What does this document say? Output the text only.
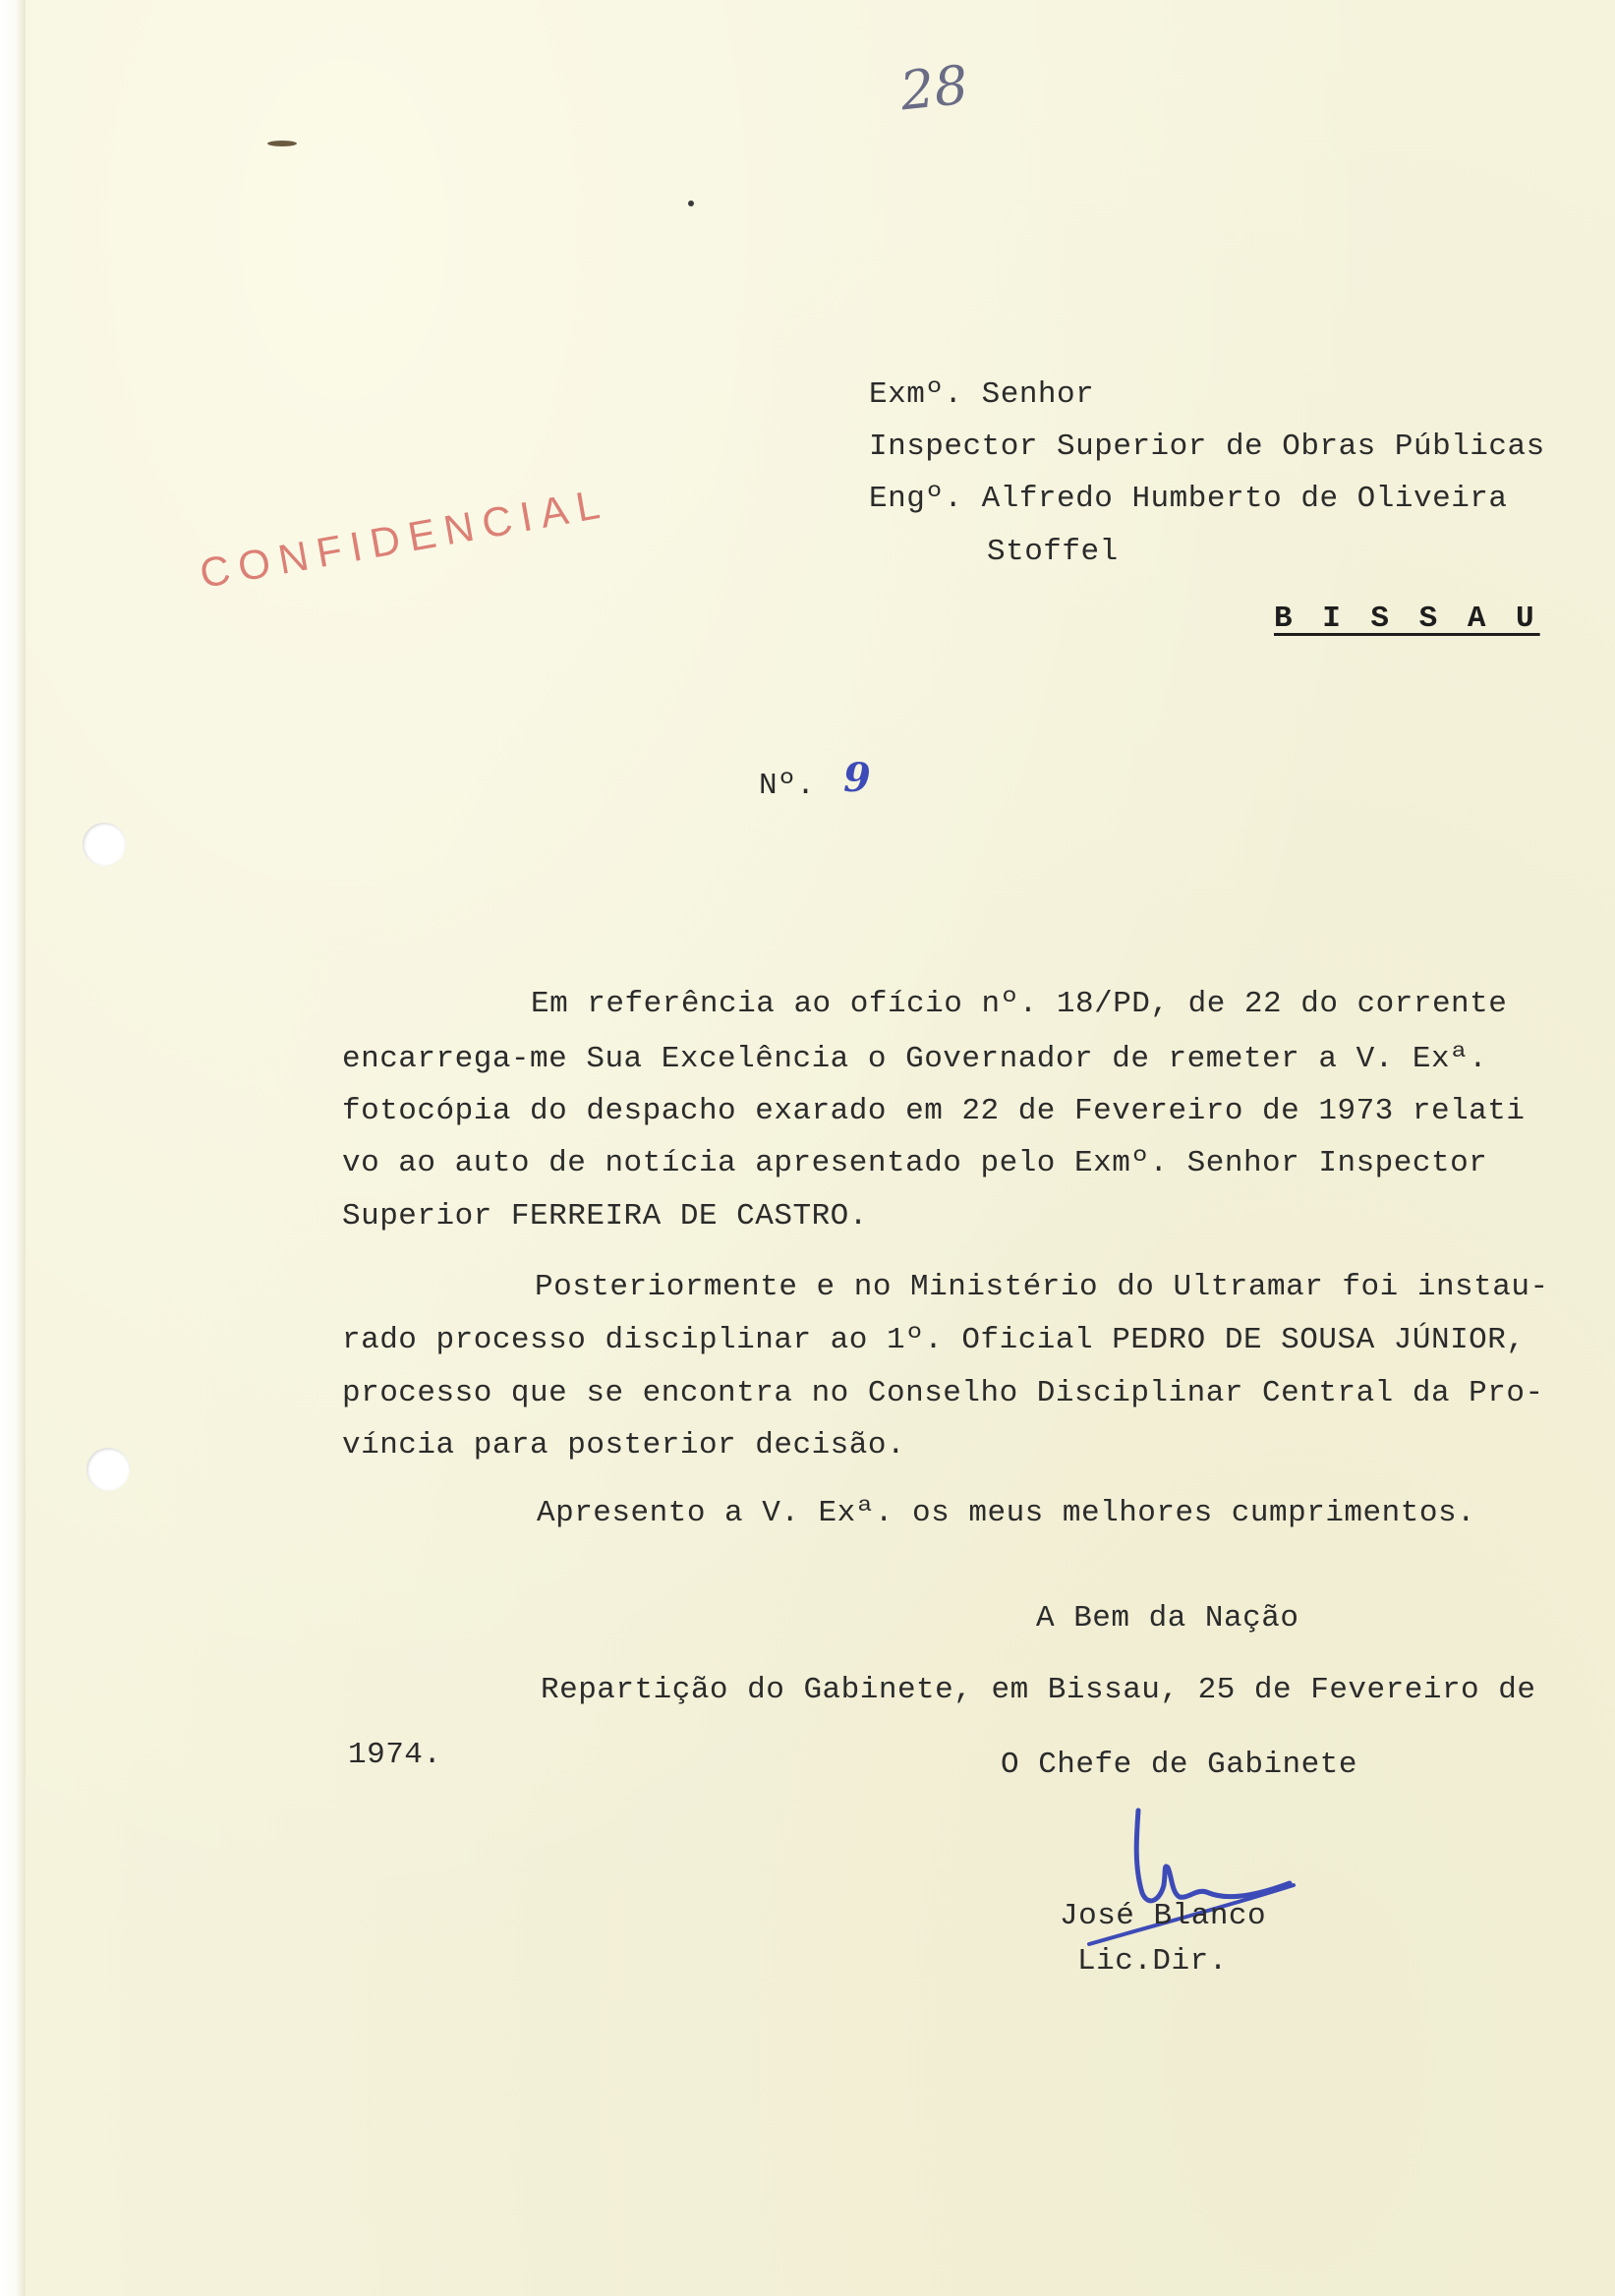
28
CONFIDENCIAL
Exmº. Senhor
Inspector Superior de Obras Públicas
Engº. Alfredo Humberto de Oliveira
Stoffel
B I S S A U
Nº. 9
Em referência ao ofício nº. 18/PD, de 22 do corrente
encarrega-me Sua Excelência o Governador de remeter a V. Exª.
fotocópia do despacho exarado em 22 de Fevereiro de 1973 relati
vo ao auto de notícia apresentado pelo Exmº. Senhor Inspector
Superior FERREIRA DE CASTRO.
Posteriormente e no Ministério do Ultramar foi instau-
rado processo disciplinar ao 1º. Oficial PEDRO DE SOUSA JÚNIOR,
processo que se encontra no Conselho Disciplinar Central da Pro-
víncia para posterior decisão.
Apresento a V. Exª. os meus melhores cumprimentos.
A Bem da Nação
Repartição do Gabinete, em Bissau, 25 de Fevereiro de
1974.	O Chefe de Gabinete
José Blanco
Lic.Dir.
